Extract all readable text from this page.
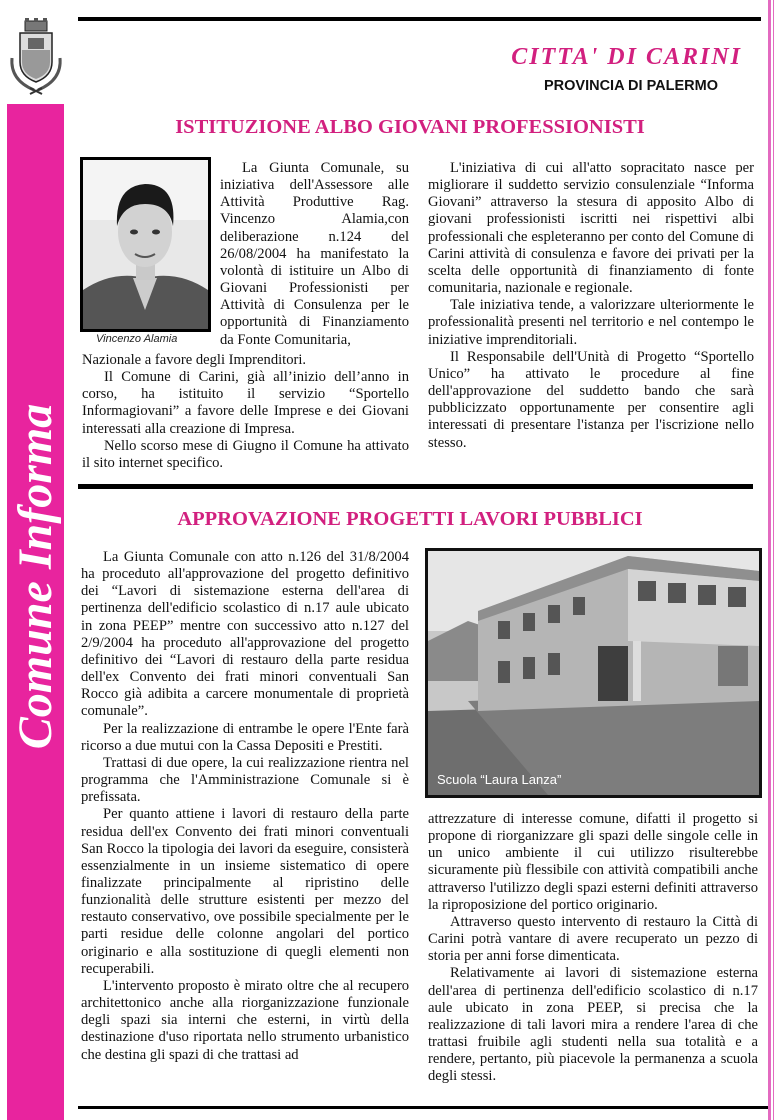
Comune Informa
CITTA' DI CARINI
PROVINCIA DI PALERMO
ISTITUZIONE ALBO GIOVANI PROFESSIONISTI
Vincenzo Alamia

La Giunta Comunale, su iniziativa dell'Assessore alle Attività Produttive Rag. Vincenzo Alamia,con deliberazione n.124 del 26/08/2004 ha manifestato la volontà di istituire un Albo di Giovani Professionisti per Attività di Consulenza per le opportunità di Finanziamento da Fonte Comunitaria,

Nazionale a favore degli Imprenditori.

Il Comune di Carini, già all’inizio dell’anno in corso, ha istituito il servizio “Sportello Informagiovani” a favore delle Imprese e dei Giovani interessati alla creazione di Impresa.

Nello scorso mese di Giugno il Comune ha attivato il sito internet specifico.

L'iniziativa di cui all'atto sopracitato nasce per migliorare il suddetto servizio consulenziale “Informa Giovani” attraverso la stesura di apposito Albo di giovani professionisti iscritti nei rispettivi albi professionali che espleteranno per conto del Comune di Carini attività di consulenza e favore dei privati per la scelta delle opportunità di finanziamento di fonte comunitaria, nazionale e regionale.

Tale iniziativa tende, a valorizzare ulteriormente le professionalità presenti nel territorio e nel contempo le iniziative imprenditoriali.

Il Responsabile dell'Unità di Progetto “Sportello Unico” ha attivato le procedure al fine dell'approvazione del suddetto bando che sarà pubblicizzato opportunamente per consentire agli interessati di presentare l'istanza per l'iscrizione nello stesso.

APPROVAZIONE PROGETTI LAVORI PUBBLICI
Scuola “Laura Lanza”

La Giunta Comunale con atto n.126 del 31/8/2004 ha proceduto all'approvazione del progetto definitivo dei “Lavori di sistemazione esterna dell'area di pertinenza dell'edificio scolastico di n.17 aule ubicato in zona PEEP” mentre con successivo atto n.127 del 2/9/2004 ha proceduto all'approvazione del progetto definitivo dei “Lavori di restauro della parte residua dell'ex Convento dei frati minori conventuali San Rocco già adibita a carcere monumentale di proprietà comunale”.

Per la realizzazione di entrambe le opere l'Ente farà ricorso a due mutui con la Cassa Depositi e Prestiti.

Trattasi di due opere, la cui realizzazione rientra nel programma che l'Amministrazione Comunale si è prefissata.

Per quanto attiene i lavori di restauro della parte residua dell'ex Convento dei frati minori conventuali San Rocco la tipologia dei lavori da eseguire, consisterà essenzialmente in un insieme sistematico di opere finalizzate principalmente al ripristino delle funzionalità delle strutture esistenti per mezzo del restauto conservativo, ove possibile specialmente per le parti residue delle colonne angolari del portico originario e alla sostituzione di quegli elementi non recuperabili.

L'intervento proposto è mirato oltre che al recupero architettonico anche alla riorganizzazione funzionale degli spazi sia interni che esterni, in virtù della destinazione d'uso riportata nello strumento urbanistico che destina gli spazi di che trattasi ad

attrezzature di interesse comune, difatti il progetto si propone di riorganizzare gli spazi delle singole celle in un unico ambiente il cui utilizzo risulterebbe sicuramente più flessibile con attività compatibili anche attraverso l'utilizzo degli spazi esterni definiti attraverso la riproposizione del portico originario.

Attraverso questo intervento di restauro la Città di Carini potrà vantare di avere recuperato un pezzo di storia per anni forse dimenticata.

Relativamente ai lavori di sistemazione esterna dell'area di pertinenza dell'edificio scolastico di n.17 aule ubicato in zona PEEP, si precisa che la realizzazione di tali lavori mira a rendere l'area di che trattasi fruibile agli studenti nella sua totalità e a rendere, pertanto, più piacevole la permanenza a scuola degli stessi.
